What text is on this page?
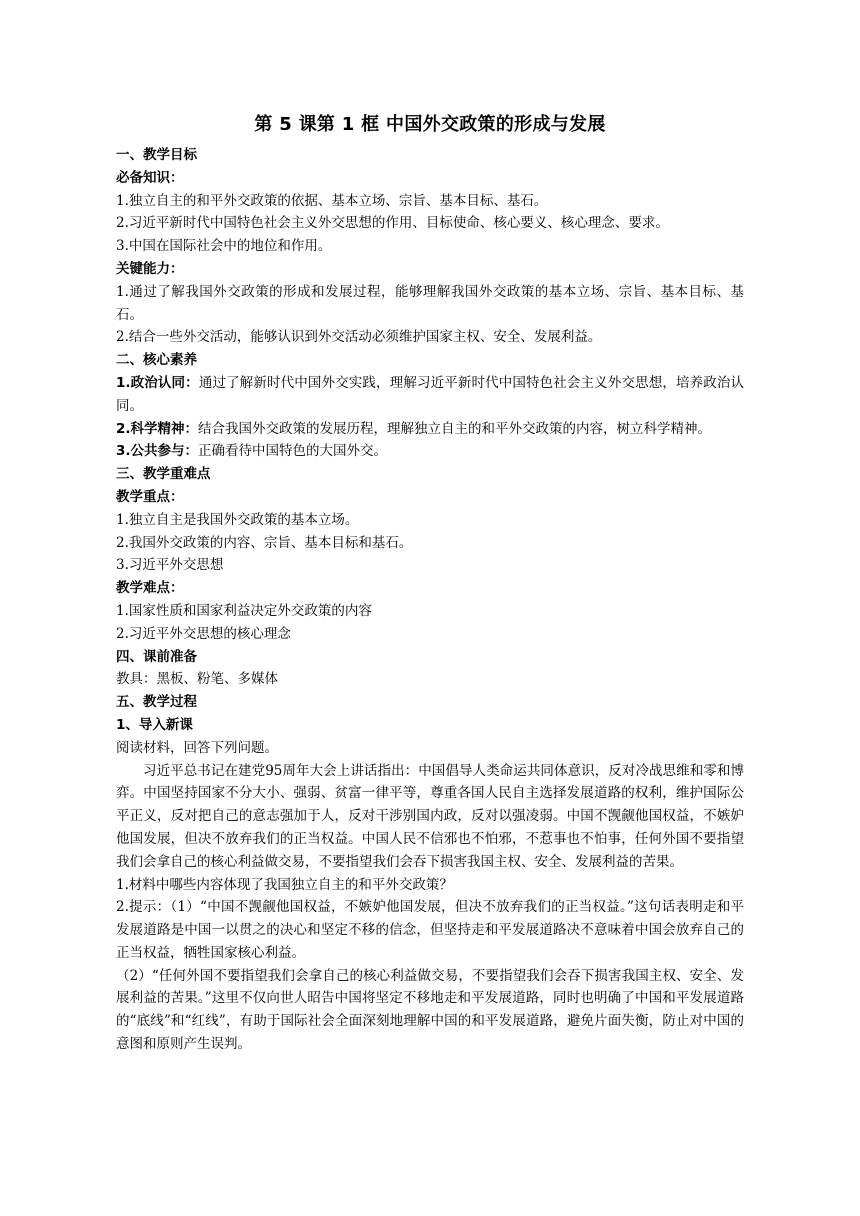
第 5 课第 1 框 中国外交政策的形成与发展
一、教学目标
必备知识：
1.独立自主的和平外交政策的依据、基本立场、宗旨、基本目标、基石。
2.习近平新时代中国特色社会主义外交思想的作用、目标使命、核心要义、核心理念、要求。
3.中国在国际社会中的地位和作用。
关键能力：
1.通过了解我国外交政策的形成和发展过程，能够理解我国外交政策的基本立场、宗旨、基本目标、基石。
2.结合一些外交活动，能够认识到外交活动必须维护国家主权、安全、发展利益。
二、核心素养
1.政治认同：通过了解新时代中国外交实践，理解习近平新时代中国特色社会主义外交思想，培养政治认同。
2.科学精神：结合我国外交政策的发展历程，理解独立自主的和平外交政策的内容，树立科学精神。
3.公共参与：正确看待中国特色的大国外交。
三、教学重难点
教学重点：
1.独立自主是我国外交政策的基本立场。
2.我国外交政策的内容、宗旨、基本目标和基石。
3.习近平外交思想
教学难点：
1.国家性质和国家利益决定外交政策的内容
2.习近平外交思想的核心理念
四、课前准备
教具：黑板、粉笔、多媒体
五、教学过程
1、导入新课
阅读材料，回答下列问题。
习近平总书记在建党95周年大会上讲话指出：中国倡导人类命运共同体意识，反对冷战思维和零和博弈。中国坚持国家不分大小、强弱、贫富一律平等，尊重各国人民自主选择发展道路的权利，维护国际公平正义，反对把自己的意志强加于人，反对干涉别国内政，反对以强凌弱。中国不觊觎他国权益，不嫉妒他国发展，但决不放弃我们的正当权益。中国人民不信邪也不怕邪，不惹事也不怕事，任何外国不要指望我们会拿自己的核心利益做交易，不要指望我们会吞下损害我国主权、安全、发展利益的苦果。
1.材料中哪些内容体现了我国独立自主的和平外交政策？
2.提示：（1）“中国不觊觎他国权益，不嫉妒他国发展，但决不放弃我们的正当权益。”这句话表明走和平发展道路是中国一以贯之的决心和坚定不移的信念，但坚持走和平发展道路决不意味着中国会放弃自己的正当权益，牺牲国家核心利益。
（2）“任何外国不要指望我们会拿自己的核心利益做交易，不要指望我们会吞下损害我国主权、安全、发展利益的苦果。”这里不仅向世人昭告中国将坚定不移地走和平发展道路，同时也明确了中国和平发展道路的“底线”和“红线”，有助于国际社会全面深刻地理解中国的和平发展道路，避免片面失衡，防止对中国的意图和原则产生误判。
